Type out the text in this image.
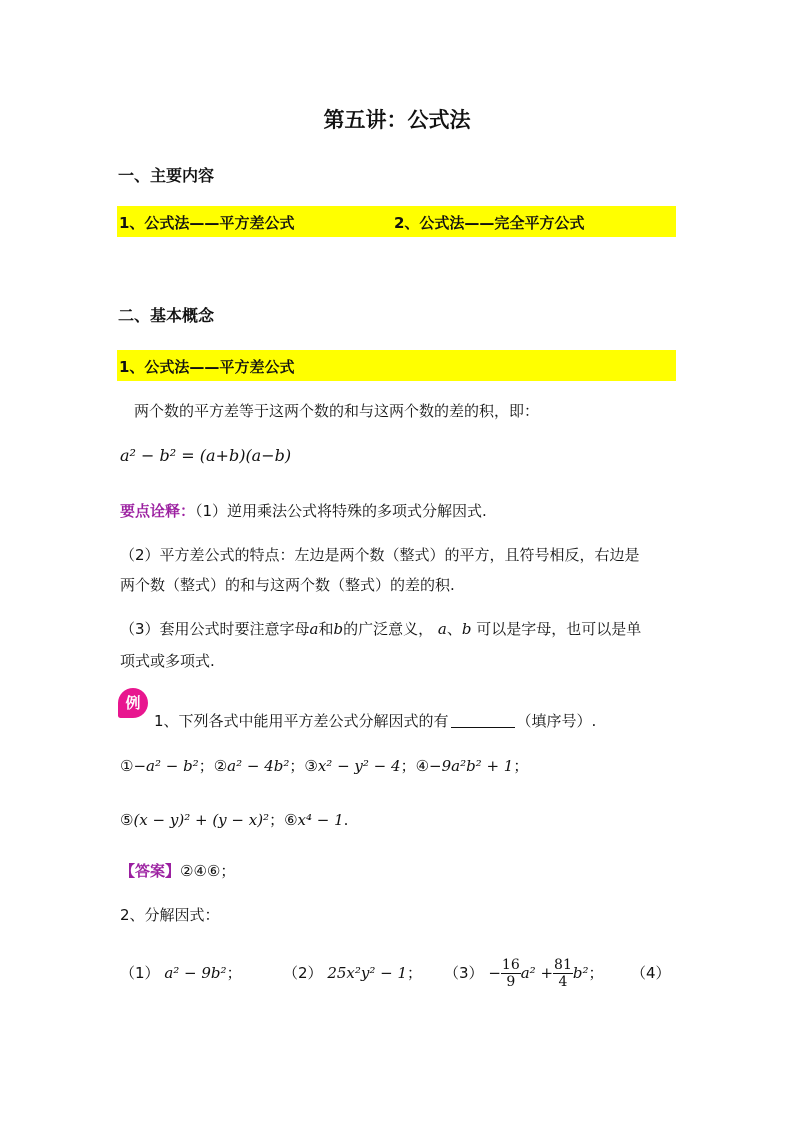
第五讲：公式法
一、主要内容
1、公式法——平方差公式	2、公式法——完全平方公式
二、基本概念
1、公式法——平方差公式
两个数的平方差等于这两个数的和与这两个数的差的积，即：
a² − b² = (a+b)(a−b)
要点诠释：（1）逆用乘法公式将特殊的多项式分解因式.
（2）平方差公式的特点：左边是两个数（整式）的平方，且符号相反，右边是
两个数（整式）的和与这两个数（整式）的差的积.
（3）套用公式时要注意字母a和b的广泛意义， a、b 可以是字母，也可以是单
项式或多项式.
例
1、下列各式中能用平方差公式分解因式的有	（填序号）.
①−a² − b²；②a² − 4b²；③x² − y² − 4；④−9a²b² + 1；
⑤(x − y)² + (y − x)²；⑥x⁴ − 1.
【答案】②④⑥；
2、分解因式：
（1） a² − 9b²；	（2） 25x²y² − 1； $(3) - \frac{16}{9} a^2 + \frac{81}{4} b^2$； （4）
